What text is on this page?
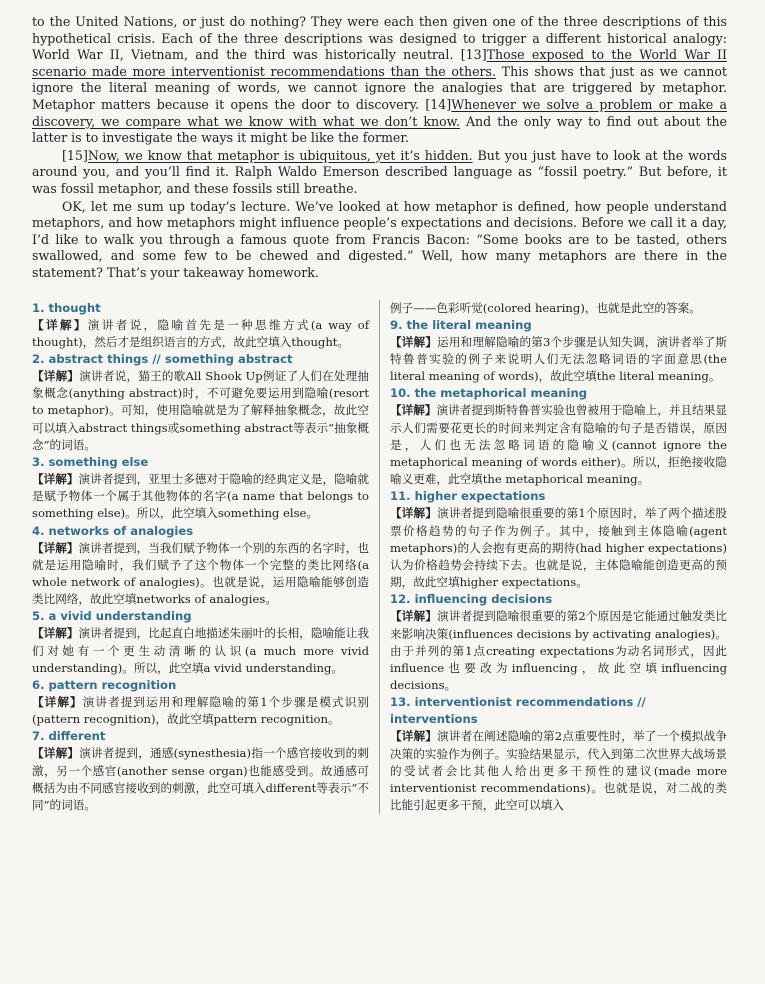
to the United Nations, or just do nothing? They were each then given one of the three descriptions of this hypothetical crisis. Each of the three descriptions was designed to trigger a different historical analogy: World War II, Vietnam, and the third was historically neutral. [13]Those exposed to the World War II scenario made more interventionist recommendations than the others. This shows that just as we cannot ignore the literal meaning of words, we cannot ignore the analogies that are triggered by metaphor. Metaphor matters because it opens the door to discovery. [14]Whenever we solve a problem or make a discovery, we compare what we know with what we don’t know. And the only way to find out about the latter is to investigate the ways it might be like the former.

[15]Now, we know that metaphor is ubiquitous, yet it’s hidden. But you just have to look at the words around you, and you’ll find it. Ralph Waldo Emerson described language as “fossil poetry.” But before, it was fossil metaphor, and these fossils still breathe.

OK, let me sum up today’s lecture. We’ve looked at how metaphor is defined, how people understand metaphors, and how metaphors might influence people’s expectations and decisions. Before we call it a day, I’d like to walk you through a famous quote from Francis Bacon: “Some books are to be tasted, others swallowed, and some few to be chewed and digested.” Well, how many metaphors are there in the statement? That’s your takeaway homework.

1. thought
【详解】演讲者说，隐喻首先是一种思维方式(a way of thought)，然后才是组织语言的方式，故此空填入thought。
2. abstract things // something abstract
【详解】演讲者说，猫王的歌All Shook Up例证了人们在处理抽象概念(anything abstract)时，不可避免要运用到隐喻(resort to metaphor)。可知，使用隐喻就是为了解释抽象概念，故此空可以填入abstract things或something abstract等表示“抽象概念”的词语。
3. something else
【详解】演讲者提到，亚里士多德对于隐喻的经典定义是，隐喻就是赋予物体一个属于其他物体的名字(a name that belongs to something else)。所以，此空填入something else。
4. networks of analogies
【详解】演讲者提到，当我们赋予物体一个别的东西的名字时，也就是运用隐喻时，我们赋予了这个物体一个完整的类比网络(a whole network of analogies)。也就是说，运用隐喻能够创造类比网络，故此空填networks of analogies。
5. a vivid understanding
【详解】演讲者提到，比起直白地描述朱丽叶的长相，隐喻能让我们对她有一个更生动清晰的认识(a much more vivid understanding)。所以，此空填a vivid understanding。
6. pattern recognition
【详解】演讲者提到运用和理解隐喻的第1个步骤是模式识别(pattern recognition)，故此空填pattern recognition。
7. different
【详解】演讲者提到，通感(synesthesia)指一个感官接收到的刺激，另一个感官(another sense organ)也能感受到。故通感可概括为由不同感官接收到的刺激，此空可填入different等表示“不同”的词语。
例子——色彩听觉(colored hearing)，也就是此空的答案。
9. the literal meaning
【详解】运用和理解隐喻的第3个步骤是认知失调，演讲者举了斯特鲁普实验的例子来说明人们无法忽略词语的字面意思(the literal meaning of words)，故此空填the literal meaning。
10. the metaphorical meaning
【详解】演讲者提到斯特鲁普实验也曾被用于隐喻上，并且结果显示人们需要花更长的时间来判定含有隐喻的句子是否错误，原因是，人们也无法忽略词语的隐喻义(cannot ignore the metaphorical meaning of words either)。所以，拒绝接收隐喻义更难，此空填the metaphorical meaning。
11. higher expectations
【详解】演讲者提到隐喻很重要的第1个原因时，举了两个描述股票价格趋势的句子作为例子。其中，接触到主体隐喻(agent metaphors)的人会抱有更高的期待(had higher expectations)认为价格趋势会持续下去。也就是说，主体隐喻能创造更高的预期，故此空填higher expectations。
12. influencing decisions
【详解】演讲者提到隐喻很重要的第2个原因是它能通过触发类比来影响决策(influences decisions by activating analogies)。由于并列的第1点creating expectations为动名词形式，因此influence也要改为influencing，故此空填influencing decisions。
13. interventionist recommendations // interventions
【详解】演讲者在阐述隐喻的第2点重要性时，举了一个模拟战争决策的实验作为例子。实验结果显示，代入到第二次世界大战场景的受试者会比其他人给出更多干预性的建议(made more interventionist recommendations)。也就是说，对二战的类比能引起更多干预，此空可以填入
